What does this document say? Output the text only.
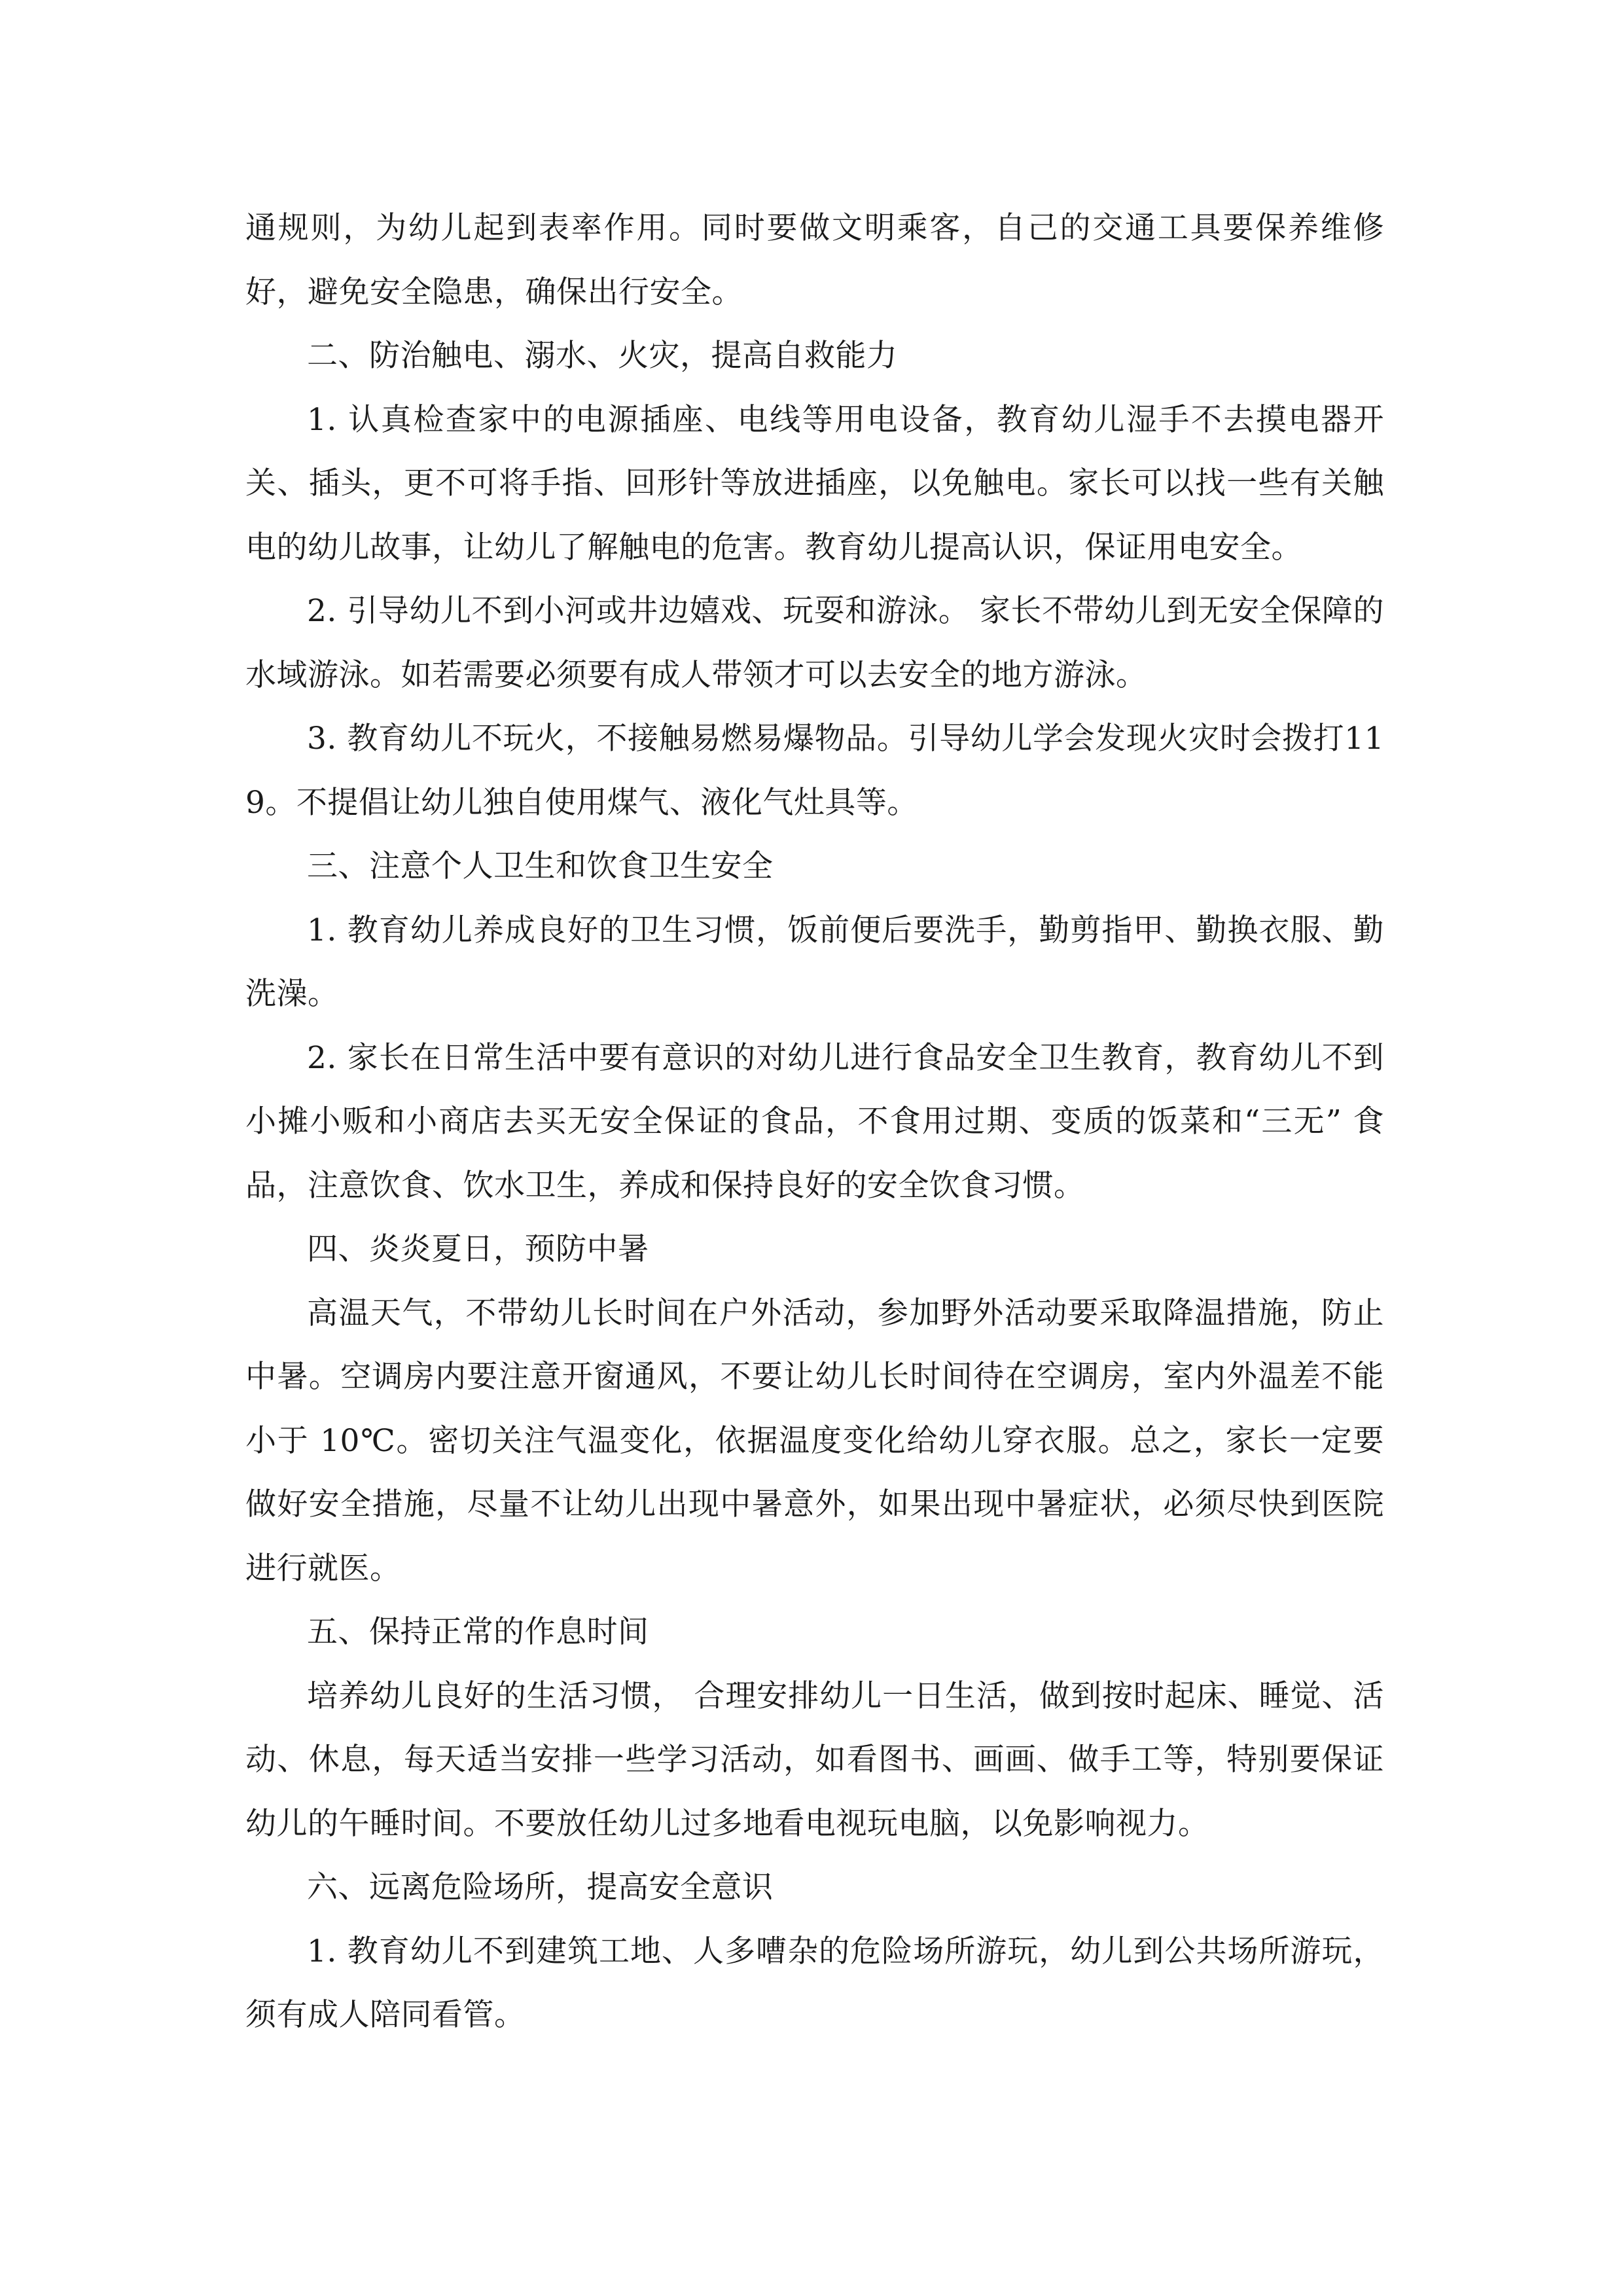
通规则，为幼儿起到表率作用。同时要做文明乘客，自己的交通工具要保养维修好，避免安全隐患，确保出行安全。

二、防治触电、溺水、火灾，提高自救能力

1. 认真检查家中的电源插座、电线等用电设备，教育幼儿湿手不去摸电器开关、插头，更不可将手指、回形针等放进插座，以免触电。家长可以找一些有关触电的幼儿故事，让幼儿了解触电的危害。教育幼儿提高认识，保证用电安全。

2. 引导幼儿不到小河或井边嬉戏、玩耍和游泳。 家长不带幼儿到无安全保障的水域游泳。如若需要必须要有成人带领才可以去安全的地方游泳。

3. 教育幼儿不玩火，不接触易燃易爆物品。引导幼儿学会发现火灾时会拨打119。不提倡让幼儿独自使用煤气、液化气灶具等。

三、注意个人卫生和饮食卫生安全

1. 教育幼儿养成良好的卫生习惯，饭前便后要洗手，勤剪指甲、勤换衣服、勤洗澡。

2. 家长在日常生活中要有意识的对幼儿进行食品安全卫生教育，教育幼儿不到小摊小贩和小商店去买无安全保证的食品，不食用过期、变质的饭菜和“三无” 食品，注意饮食、饮水卫生，养成和保持良好的安全饮食习惯。

四、炎炎夏日，预防中暑

高温天气，不带幼儿长时间在户外活动，参加野外活动要采取降温措施，防止中暑。空调房内要注意开窗通风，不要让幼儿长时间待在空调房，室内外温差不能小于 10℃。密切关注气温变化，依据温度变化给幼儿穿衣服。总之，家长一定要做好安全措施，尽量不让幼儿出现中暑意外，如果出现中暑症状，必须尽快到医院进行就医。

五、保持正常的作息时间

培养幼儿良好的生活习惯， 合理安排幼儿一日生活，做到按时起床、睡觉、活动、休息，每天适当安排一些学习活动，如看图书、画画、做手工等，特别要保证幼儿的午睡时间。不要放任幼儿过多地看电视玩电脑，以免影响视力。

六、远离危险场所，提高安全意识

1. 教育幼儿不到建筑工地、人多嘈杂的危险场所游玩，幼儿到公共场所游玩，须有成人陪同看管。
